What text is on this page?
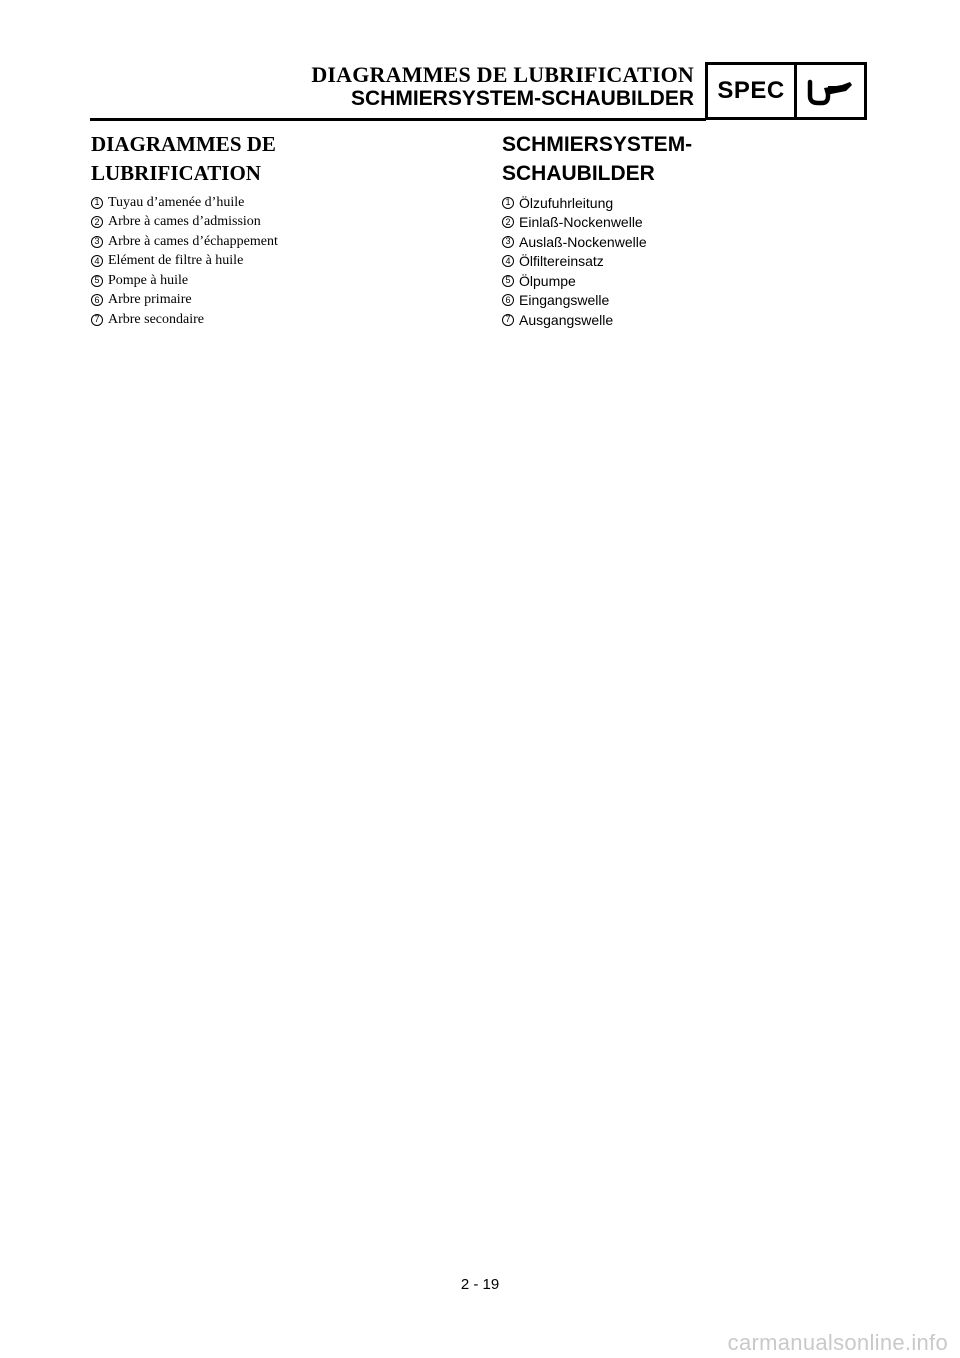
DIAGRAMMES DE LUBRIFICATION
SCHMIERSYSTEM-SCHAUBILDER SPEC
DIAGRAMMES DE
LUBRIFICATION
1 Tuyau d’amenée d’huile
2 Arbre à cames d’admission
3 Arbre à cames d’échappement
4 Elément de filtre à huile
5 Pompe à huile
6 Arbre primaire
7 Arbre secondaire
SCHMIERSYSTEM-
SCHAUBILDER
1 Ölzufuhrleitung
2 Einlaß-Nockenwelle
3 Auslaß-Nockenwelle
4 Ölfiltereinsatz
5 Ölpumpe
6 Eingangswelle
7 Ausgangswelle
2 - 19
carmanualsonline.info
